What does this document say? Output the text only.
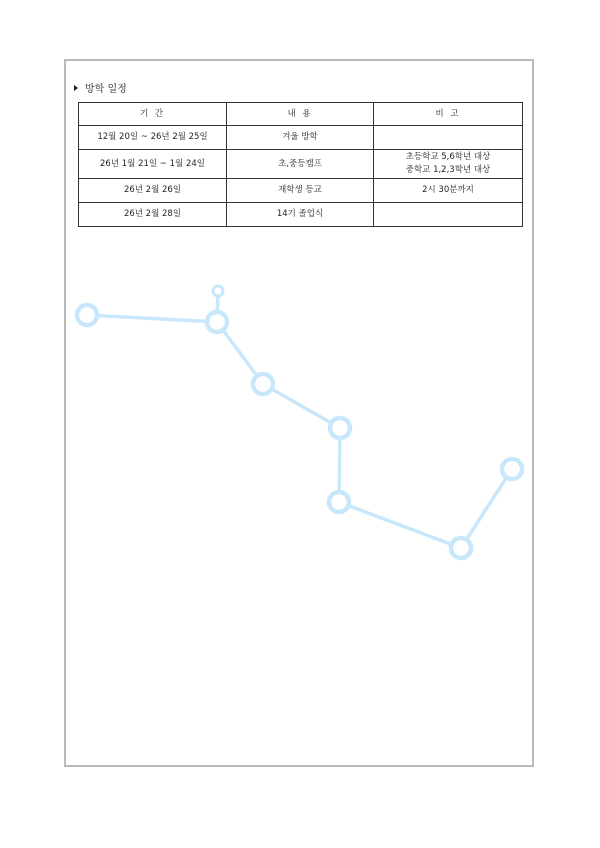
방학 일정
기 간	내 용	비 고
12월 20일 ~ 26년 2월 25일	겨울 방학	
26년 1월 21일 ~ 1월 24일	초,중등캠프	초등학교 5,6학년 대상
중학교 1,2,3학년 대상

26년 2월 26일	재학생 등교	2시 30분까지
26년 2월 28일	14기 졸업식	
